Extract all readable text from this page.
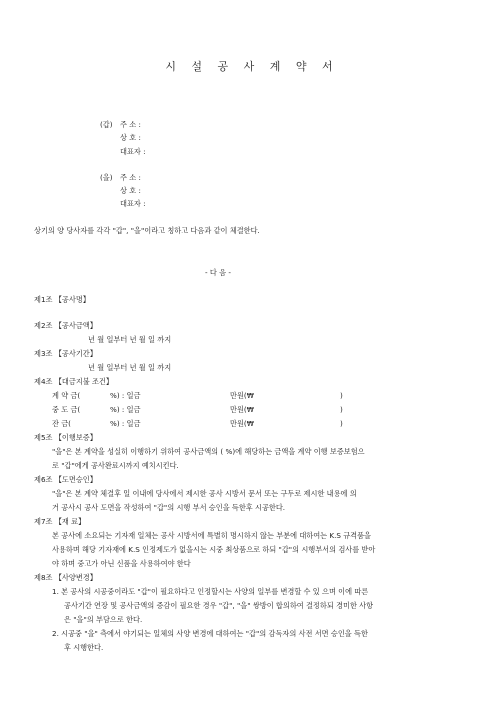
시 설 공 사 계 약 서
(갑) 주 소 :
상 호 :
대표자 :
(을) 주 소 :
상 호 :
대표자 :
상기의 양 당사자를 각각 "갑", "을"이라고 칭하고 다음과 같이 체결한다.
- 다 음 -
제1조 【공사명】
제2조 【공사금액】
년 월 일부터 년 월 일 까지
제3조 【공사기간】
년 월 일부터 년 월 일 까지
제4조 【대금지불 조건】
계 약 금(	%) : 일금	만원(₩	)
중 도 금(	%) : 일금	만원(₩	)
잔 금(	%) : 일금	만원(₩	)
제5조 【이행보증】
"을"은 본 계약을 성실히 이행하기 위하여 공사금액의 ( %)에 해당하는 금액을 계약 이행 보증보험으
로 "갑"에게 공사완료시까지 예치시킨다.
제6조 【도면승인】
"을"은 본 계약 체결후 일 이내에 당사에서 제시한 공사 시방서 문서 또는 구두로 제시한 내용에 의
거 공사시 공사 도면을 작성하여 "갑"의 시행 부서 승인을 득한후 시공한다.
제7조 【재 료】
본 공사에 소요되는 기자재 일체는 공사 시방서에 특별히 명시하지 않는 부분에 대하여는 K.S 규격품을
사용하며 해당 기자재에 K.S 인정제도가 없을시는 시중 최상품으로 하되 "갑"의 시행부서의 검사를 받아
야 하며 중고가 아닌 신품을 사용하여야 한다
제8조 【사양변경】
1. 본 공사의 시공중이라도 "갑"이 필요하다고 인정할시는 사양의 일부를 변경할 수 있 으며 이에 따른
공사기간 연장 및 공사금액의 증감이 필요한 경우 "갑", "을" 쌍방이 합의하여 결정하되 경미한 사항
은 "을"의 부담으로 한다.
2. 시공중 "을" 측에서 야기되는 일체의 사양 변경에 대하여는 "갑"의 감독자의 사전 서면 승인을 득한
후 시행한다.
